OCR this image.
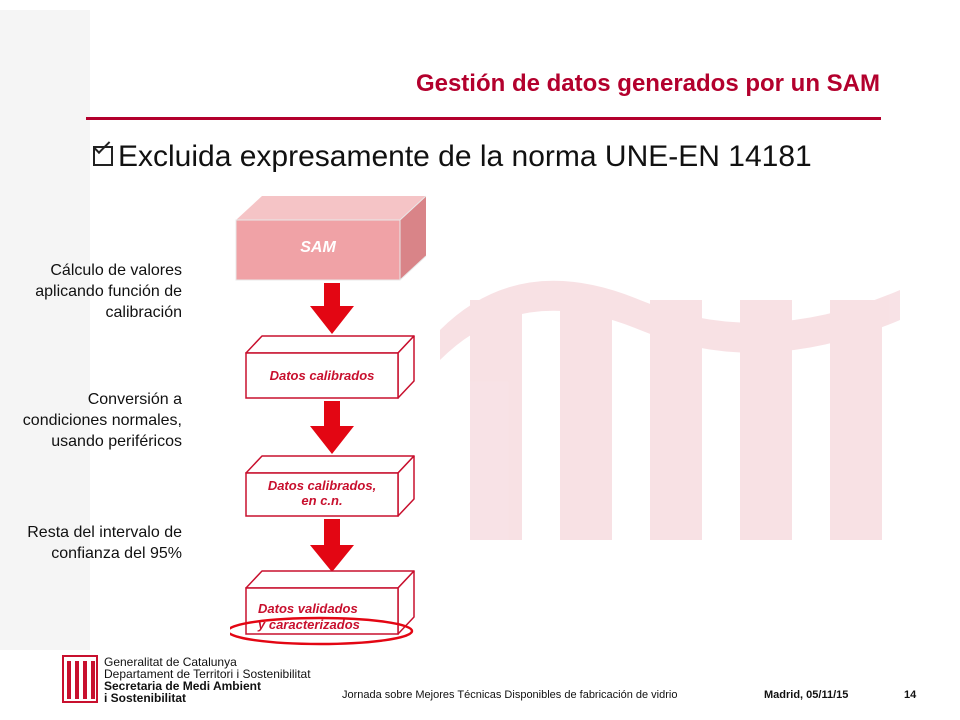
Gestión de datos generados por un SAM
Excluida expresamente de la norma UNE-EN 14181
Cálculo de valores aplicando función de calibración
Conversión a condiciones normales, usando periféricos
Resta del intervalo de confianza del 95%
SAM
Datos calibrados
Datos calibrados,
en c.n.
Datos validados
y caracterizados
Generalitat de Catalunya
Departament de Territori i Sostenibilitat
Secretaria de Medi Ambient
i Sostenibilitat	Jornada sobre Mejores Técnicas Disponibles de fabricación de vidrio	Madrid, 05/11/15	14
